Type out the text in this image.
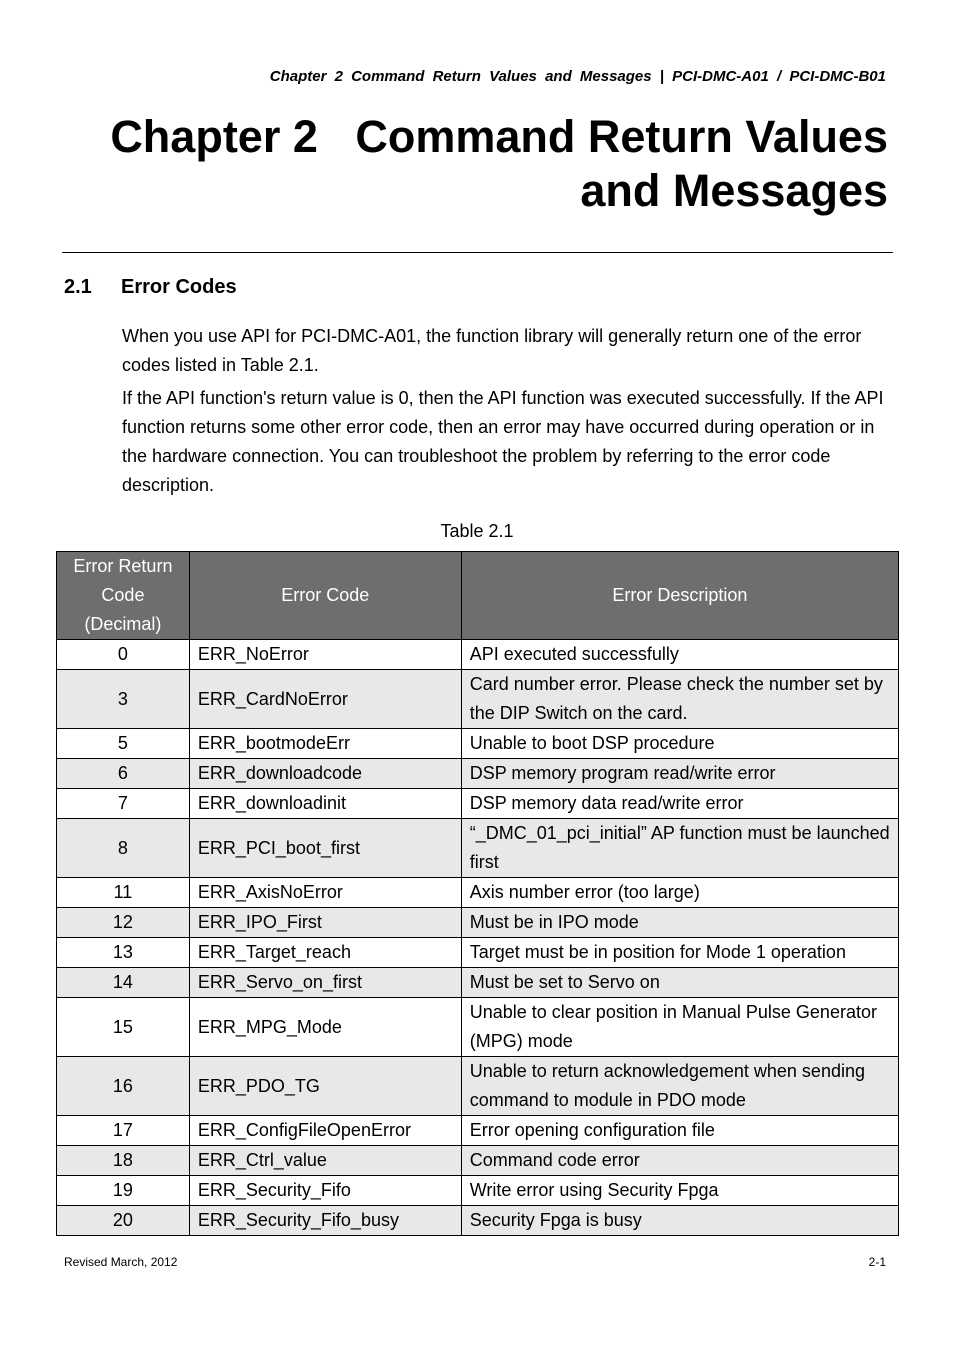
Chapter 2 Command Return Values and Messages | PCI-DMC-A01 / PCI-DMC-B01
Chapter 2   Command Return Values
and Messages
2.1 Error Codes

When you use API for PCI-DMC-A01, the function library will generally return one of the error codes listed in Table 2.1.

If the API function's return value is 0, then the API function was executed successfully. If the API function returns some other error code, then an error may have occurred during operation or in the hardware connection. You can troubleshoot the problem by referring to the error code description.

Table 2.1
Error Return Code (Decimal)	Error Code	Error Description
0	ERR_NoError	API executed successfully
3	ERR_CardNoError	Card number error. Please check the number set by the DIP Switch on the card.
5	ERR_bootmodeErr	Unable to boot DSP procedure
6	ERR_downloadcode	DSP memory program read/write error
7	ERR_downloadinit	DSP memory data read/write error
8	ERR_PCI_boot_first	“_DMC_01_pci_initial” AP function must be launched first
11	ERR_AxisNoError	Axis number error (too large)
12	ERR_IPO_First	Must be in IPO mode
13	ERR_Target_reach	Target must be in position for Mode 1 operation
14	ERR_Servo_on_first	Must be set to Servo on
15	ERR_MPG_Mode	Unable to clear position in Manual Pulse Generator (MPG) mode
16	ERR_PDO_TG	Unable to return acknowledgement when sending command to module in PDO mode
17	ERR_ConfigFileOpenError	Error opening configuration file
18	ERR_Ctrl_value	Command code error
19	ERR_Security_Fifo	Write error using Security Fpga
20	ERR_Security_Fifo_busy	Security Fpga is busy
Revised March, 2012	2-1
